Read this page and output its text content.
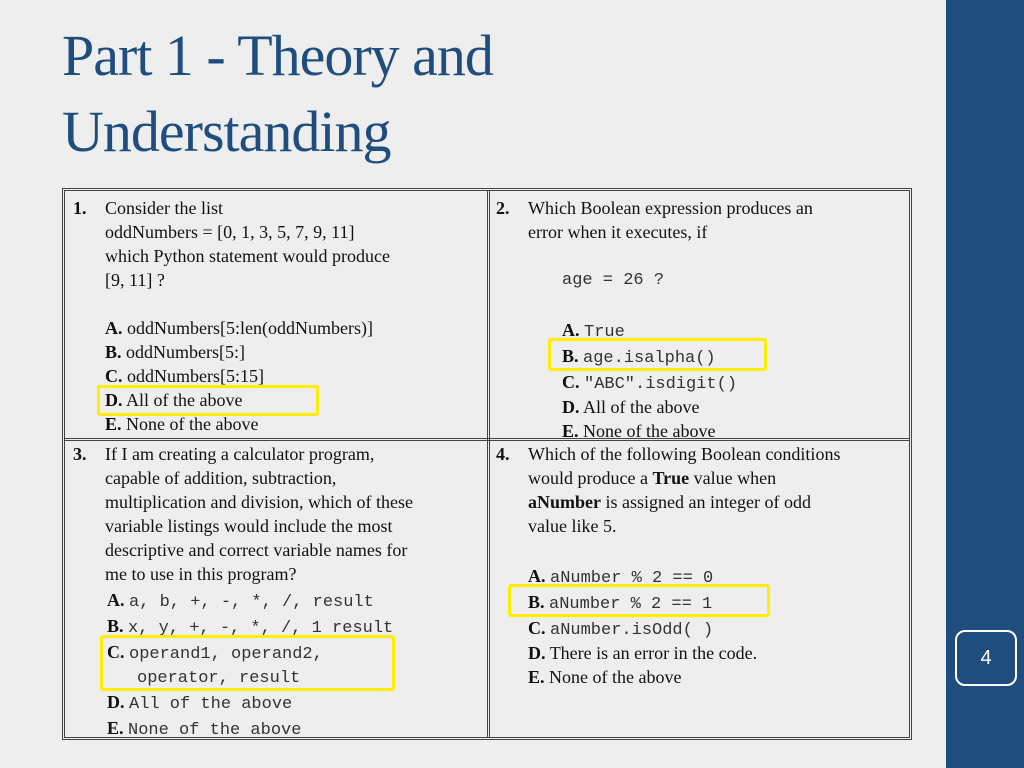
4
Part 1 - Theory and
Understanding
1. Consider the list
oddNumbers = [0, 1, 3, 5, 7, 9, 11]
which Python statement would produce
[9, 11] ?
A. oddNumbers[5:len(oddNumbers)]
B. oddNumbers[5:]
C. oddNumbers[5:15]
D. All of the above
E. None of the above
2. Which Boolean expression produces an
error when it executes, if
age = 26 ?
A. True
B. age.isalpha()
C. "ABC".isdigit()
D. All of the above
E. None of the above
3. If I am creating a calculator program,
capable of addition, subtraction,
multiplication and division, which of these
variable listings would include the most
descriptive and correct variable names for
me to use in this program?
A. a, b, +, -, *, /, result
B. x, y, +, -, *, /, 1 result
C. operand1, operand2,
operator, result
D. All of the above
E. None of the above
4. Which of the following Boolean conditions
would produce a True value when
aNumber is assigned an integer of odd
value like 5.
A. aNumber % 2 == 0
B. aNumber % 2 == 1
C. aNumber.isOdd( )
D. There is an error in the code.
E. None of the above
